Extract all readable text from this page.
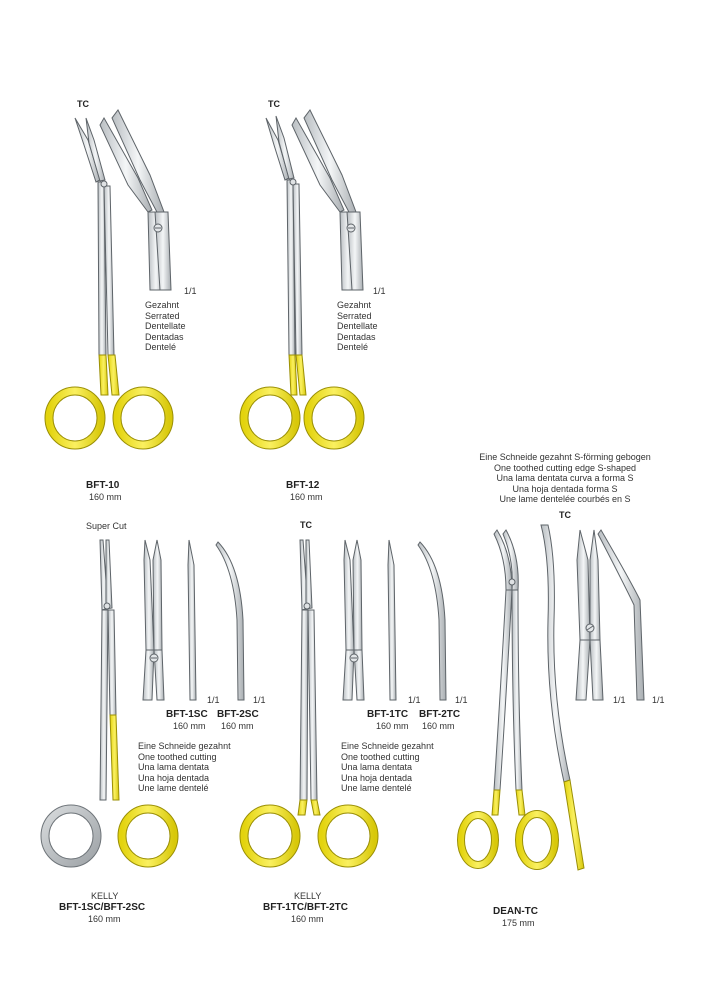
TC
1/1
Gezahnt
Serrated
Dentellate
Dentadas
Dentelé
BFT-10
160 mm
TC
1/1
Gezahnt
Serrated
Dentellate
Dentadas
Dentelé
BFT-12
160 mm
Eine Schneide gezahnt S-förming gebogen
One toothed cutting edge S-shaped
Una lama dentata curva a forma S
Una hoja dentada forma S
Une lame dentelée courbés en S
TC
1/1	1/1
DEAN-TC
175 mm
Super Cut
1/1	1/1
BFT-1SC
160 mm
BFT-2SC
160 mm
Eine Schneide gezahnt
One toothed cutting
Una lama dentata
Una hoja dentada
Une lame dentelé
KELLY
BFT-1SC/BFT-2SC
160 mm
TC
1/1	1/1
BFT-1TC
160 mm
BFT-2TC
160 mm
Eine Schneide gezahnt
One toothed cutting
Una lama dentata
Una hoja dentada
Une lame dentelé
KELLY
BFT-1TC/BFT-2TC
160 mm
